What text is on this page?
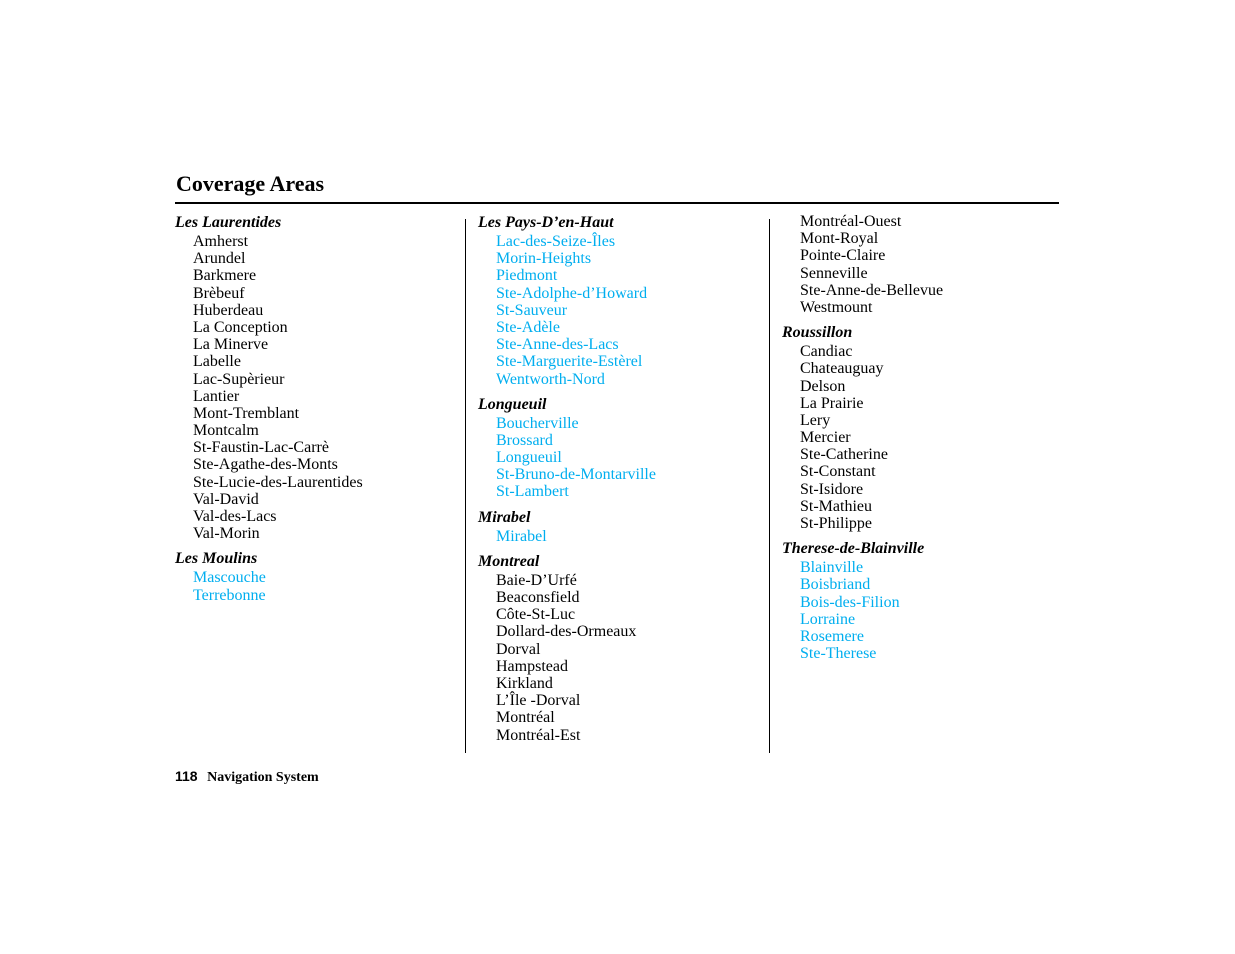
Coverage Areas
Les Laurentides
Amherst
Arundel
Barkmere
Brèbeuf
Huberdeau
La Conception
La Minerve
Labelle
Lac-Supèrieur
Lantier
Mont-Tremblant
Montcalm
St-Faustin-Lac-Carrè
Ste-Agathe-des-Monts
Ste-Lucie-des-Laurentides
Val-David
Val-des-Lacs
Val-Morin
Les Moulins
Mascouche
Terrebonne
Les Pays-D’en-Haut
Lac-des-Seize-Îles
Morin-Heights
Piedmont
Ste-Adolphe-d’Howard
St-Sauveur
Ste-Adèle
Ste-Anne-des-Lacs
Ste-Marguerite-Estèrel
Wentworth-Nord
Longueuil
Boucherville
Brossard
Longueuil
St-Bruno-de-Montarville
St-Lambert
Mirabel
Mirabel
Montreal
Baie-D’Urfé
Beaconsfield
Côte-St-Luc
Dollard-des-Ormeaux
Dorval
Hampstead
Kirkland
L’Île -Dorval
Montréal
Montréal-Est
Montréal-Ouest
Mont-Royal
Pointe-Claire
Senneville
Ste-Anne-de-Bellevue
Westmount
Roussillon
Candiac
Chateauguay
Delson
La Prairie
Lery
Mercier
Ste-Catherine
St-Constant
St-Isidore
St-Mathieu
St-Philippe
Therese-de-Blainville
Blainville
Boisbriand
Bois-des-Filion
Lorraine
Rosemere
Ste-Therese
118 Navigation System
